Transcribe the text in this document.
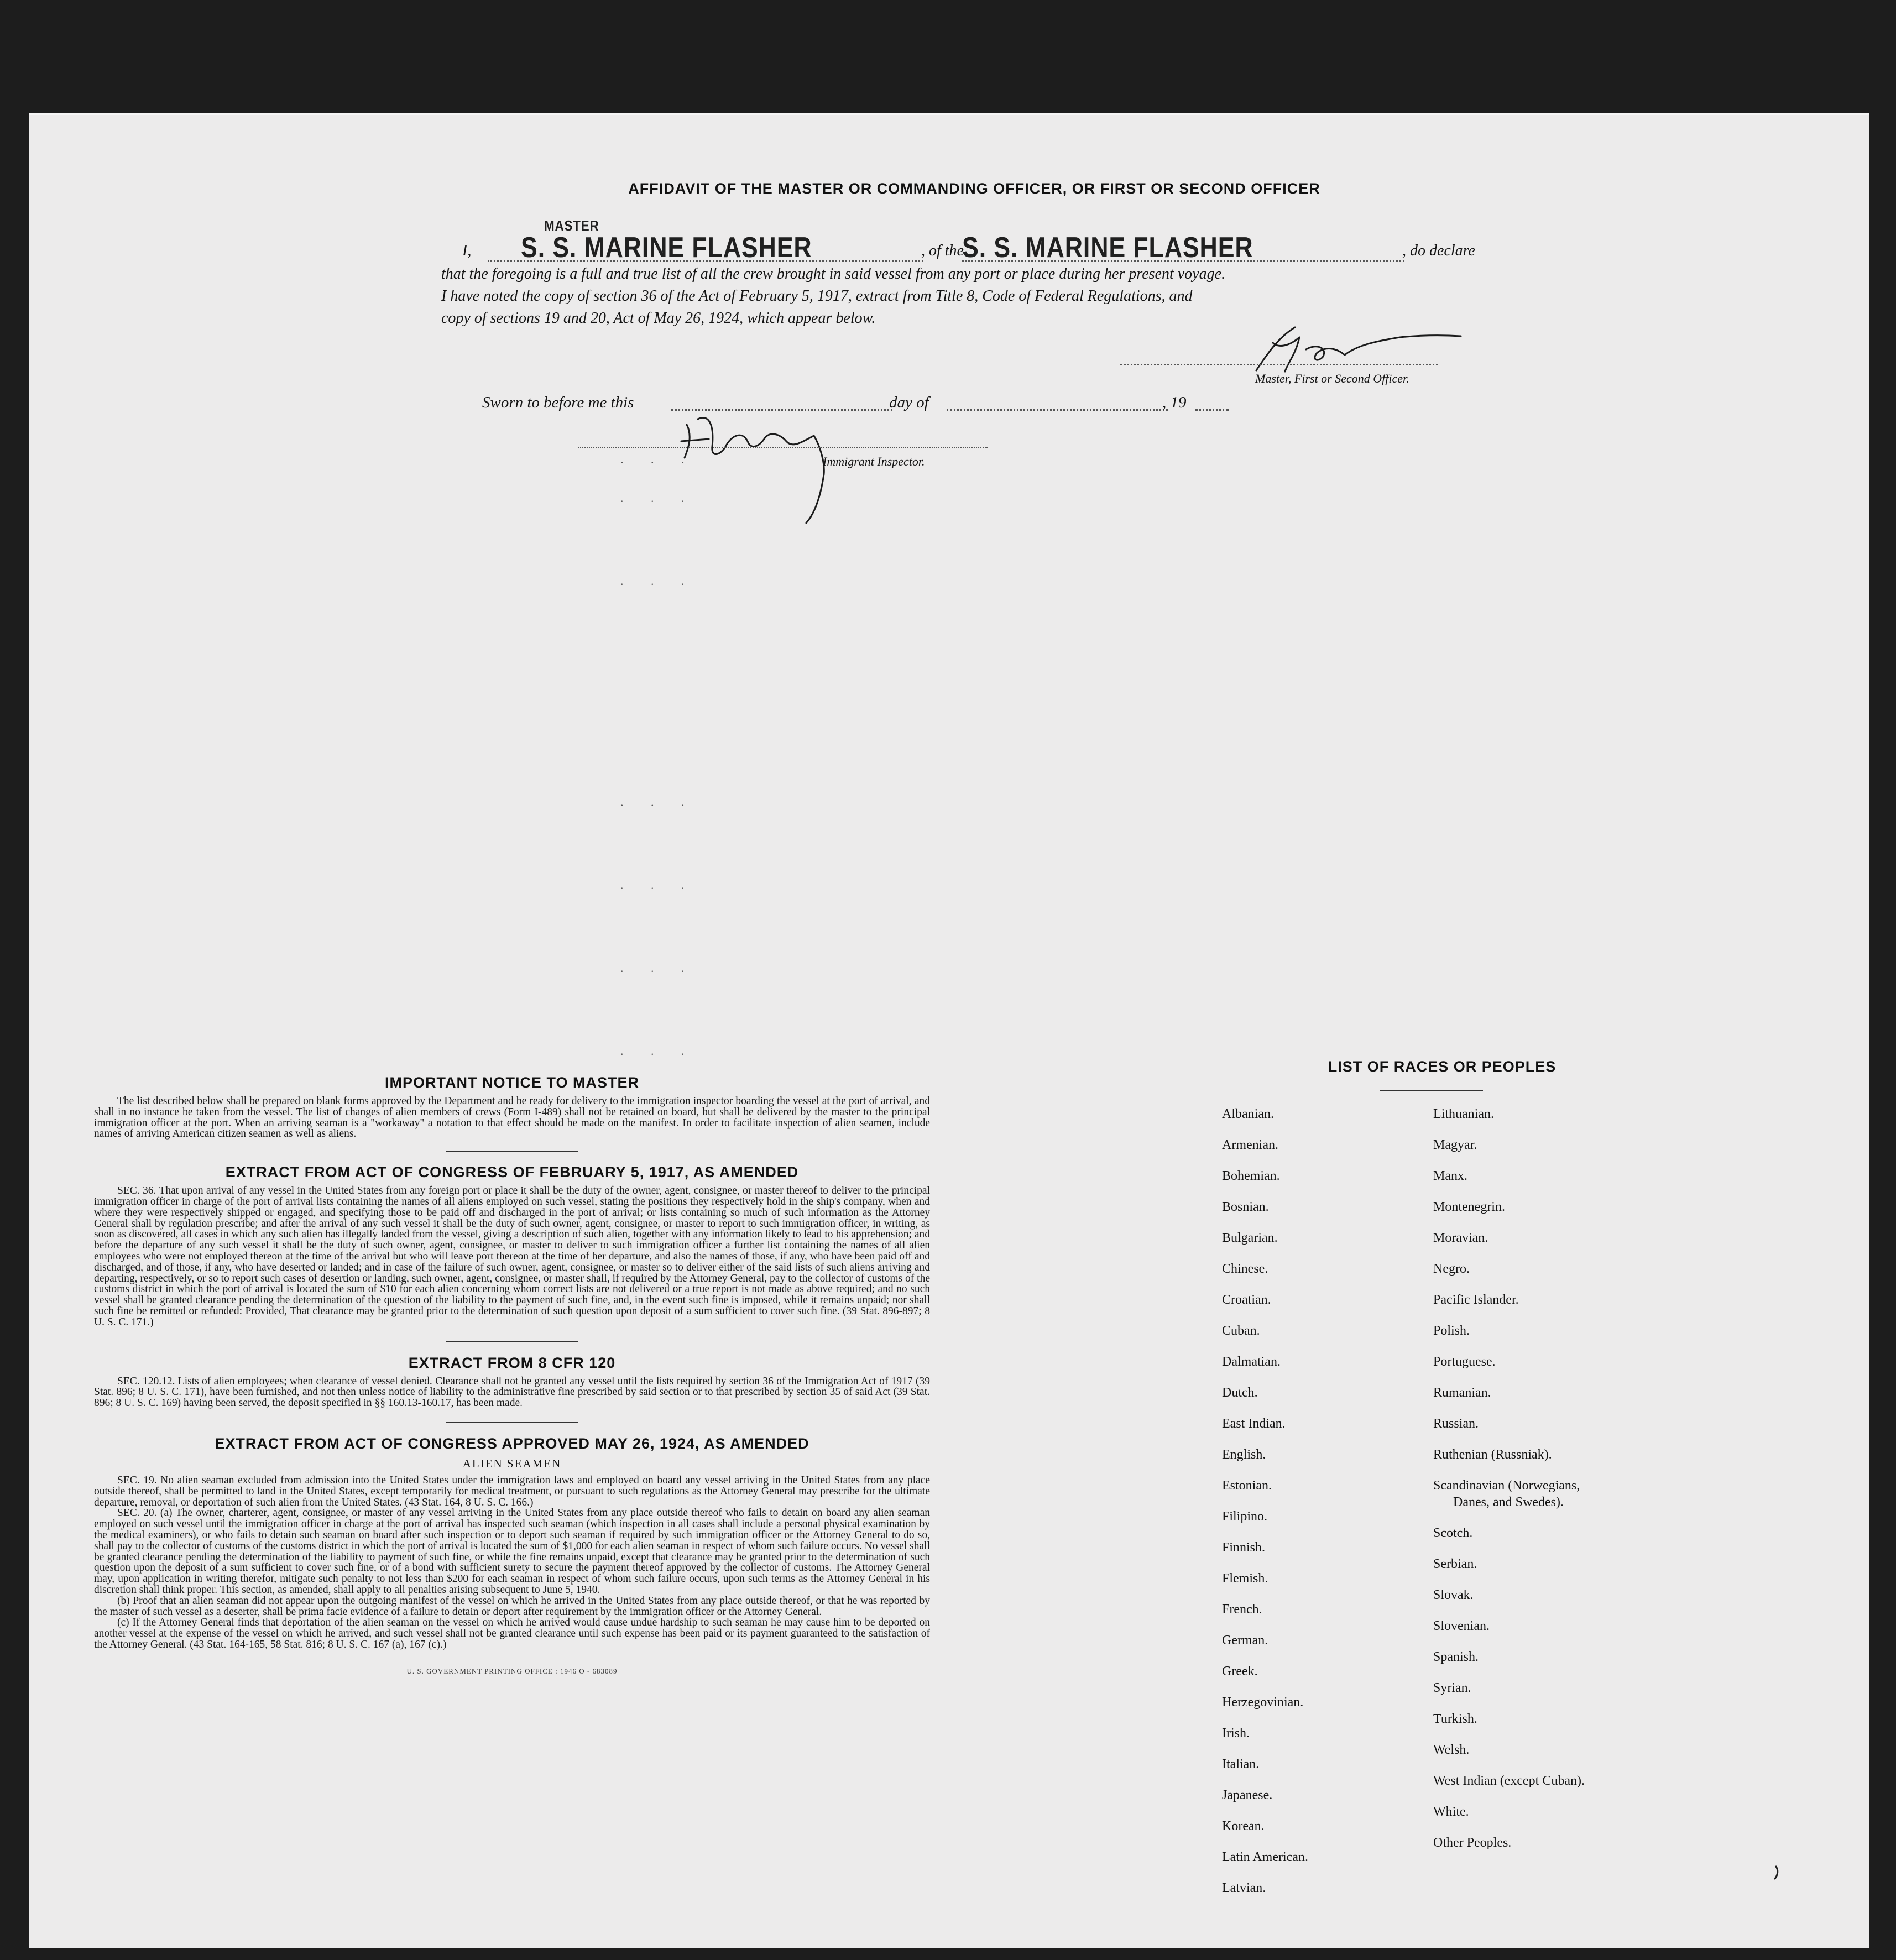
AFFIDAVIT OF THE MASTER OR COMMANDING OFFICER, OR FIRST OR SECOND OFFICER
I,
MASTER
S. S. MARINE FLASHER	, of the
S. S. MARINE FLASHER	, do declare
that the foregoing is a full and true list of all the crew brought in said vessel from any port or place during her present voyage.
I have noted the copy of section 36 of the Act of February 5, 1917, extract from Title 8, Code of Federal Regulations, and
copy of sections 19 and 20, Act of May 26, 1924, which appear below.
Master, First or Second Officer.
Sworn to before me this	day of	, 19
Immigrant Inspector.
. . .
. . .
. . .
. . .
. . .
. . .
. . .
IMPORTANT NOTICE TO MASTER

The list described below shall be prepared on blank forms approved by the Department and be ready for delivery to the immigration inspector boarding the vessel at the port of arrival, and shall in no instance be taken from the vessel. The list of changes of alien members of crews (Form I-489) shall not be retained on board, but shall be delivered by the master to the principal immigration officer at the port. When an arriving seaman is a "workaway" a notation to that effect should be made on the manifest. In order to facilitate inspection of alien seamen, include names of arriving American citizen seamen as well as aliens.

EXTRACT FROM ACT OF CONGRESS OF FEBRUARY 5, 1917, AS AMENDED

SEC. 36. That upon arrival of any vessel in the United States from any foreign port or place it shall be the duty of the owner, agent, consignee, or master thereof to deliver to the principal immigration officer in charge of the port of arrival lists containing the names of all aliens employed on such vessel, stating the positions they respectively hold in the ship's company, when and where they were respectively shipped or engaged, and specifying those to be paid off and discharged in the port of arrival; or lists containing so much of such information as the Attorney General shall by regulation prescribe; and after the arrival of any such vessel it shall be the duty of such owner, agent, consignee, or master to report to such immigration officer, in writing, as soon as discovered, all cases in which any such alien has illegally landed from the vessel, giving a description of such alien, together with any information likely to lead to his apprehension; and before the departure of any such vessel it shall be the duty of such owner, agent, consignee, or master to deliver to such immigration officer a further list containing the names of all alien employees who were not employed thereon at the time of the arrival but who will leave port thereon at the time of her departure, and also the names of those, if any, who have been paid off and discharged, and of those, if any, who have deserted or landed; and in case of the failure of such owner, agent, consignee, or master so to deliver either of the said lists of such aliens arriving and departing, respectively, or so to report such cases of desertion or landing, such owner, agent, consignee, or master shall, if required by the Attorney General, pay to the collector of customs of the customs district in which the port of arrival is located the sum of $10 for each alien concerning whom correct lists are not delivered or a true report is not made as above required; and no such vessel shall be granted clearance pending the determination of the question of the liability to the payment of such fine, and, in the event such fine is imposed, while it remains unpaid; nor shall such fine be remitted or refunded: Provided, That clearance may be granted prior to the determination of such question upon deposit of a sum sufficient to cover such fine. (39 Stat. 896-897; 8 U. S. C. 171.)

EXTRACT FROM 8 CFR 120

SEC. 120.12. Lists of alien employees; when clearance of vessel denied. Clearance shall not be granted any vessel until the lists required by section 36 of the Immigration Act of 1917 (39 Stat. 896; 8 U. S. C. 171), have been furnished, and not then unless notice of liability to the administrative fine prescribed by said section or to that prescribed by section 35 of said Act (39 Stat. 896; 8 U. S. C. 169) having been served, the deposit specified in §§ 160.13-160.17, has been made.

EXTRACT FROM ACT OF CONGRESS APPROVED MAY 26, 1924, AS AMENDED
ALIEN SEAMEN

SEC. 19. No alien seaman excluded from admission into the United States under the immigration laws and employed on board any vessel arriving in the United States from any place outside thereof, shall be permitted to land in the United States, except temporarily for medical treatment, or pursuant to such regulations as the Attorney General may prescribe for the ultimate departure, removal, or deportation of such alien from the United States. (43 Stat. 164, 8 U. S. C. 166.)

SEC. 20. (a) The owner, charterer, agent, consignee, or master of any vessel arriving in the United States from any place outside thereof who fails to detain on board any alien seaman employed on such vessel until the immigration officer in charge at the port of arrival has inspected such seaman (which inspection in all cases shall include a personal physical examination by the medical examiners), or who fails to detain such seaman on board after such inspection or to deport such seaman if required by such immigration officer or the Attorney General to do so, shall pay to the collector of customs of the customs district in which the port of arrival is located the sum of $1,000 for each alien seaman in respect of whom such failure occurs. No vessel shall be granted clearance pending the determination of the liability to payment of such fine, or while the fine remains unpaid, except that clearance may be granted prior to the determination of such question upon the deposit of a sum sufficient to cover such fine, or of a bond with sufficient surety to secure the payment thereof approved by the collector of customs. The Attorney General may, upon application in writing therefor, mitigate such penalty to not less than $200 for each seaman in respect of whom such failure occurs, upon such terms as the Attorney General in his discretion shall think proper. This section, as amended, shall apply to all penalties arising subsequent to June 5, 1940.

(b) Proof that an alien seaman did not appear upon the outgoing manifest of the vessel on which he arrived in the United States from any place outside thereof, or that he was reported by the master of such vessel as a deserter, shall be prima facie evidence of a failure to detain or deport after requirement by the immigration officer or the Attorney General.

(c) If the Attorney General finds that deportation of the alien seaman on the vessel on which he arrived would cause undue hardship to such seaman he may cause him to be deported on another vessel at the expense of the vessel on which he arrived, and such vessel shall not be granted clearance until such expense has been paid or its payment guaranteed to the satisfaction of the Attorney General. (43 Stat. 164-165, 58 Stat. 816; 8 U. S. C. 167 (a), 167 (c).)

U. S. GOVERNMENT PRINTING OFFICE : 1946 O - 683089
LIST OF RACES OR PEOPLES
Albanian.
Armenian.
Bohemian.
Bosnian.
Bulgarian.
Chinese.
Croatian.
Cuban.
Dalmatian.
Dutch.
East Indian.
English.
Estonian.
Filipino.
Finnish.
Flemish.
French.
German.
Greek.
Herzegovinian.
Irish.
Italian.
Japanese.
Korean.
Latin American.
Latvian.
Lithuanian.
Magyar.
Manx.
Montenegrin.
Moravian.
Negro.
Pacific Islander.
Polish.
Portuguese.
Rumanian.
Russian.
Ruthenian (Russniak).
Scandinavian (Norwegians,
Danes, and Swedes).
Scotch.
Serbian.
Slovak.
Slovenian.
Spanish.
Syrian.
Turkish.
Welsh.
West Indian (except Cuban).
White.
Other Peoples.
